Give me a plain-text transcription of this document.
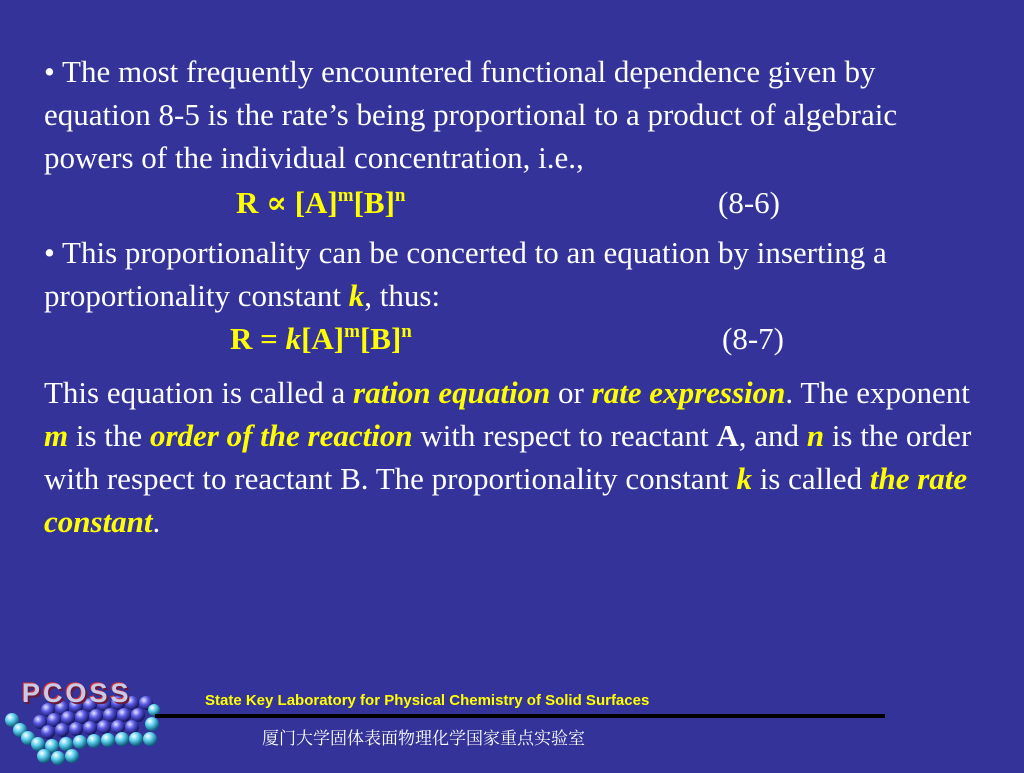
• The most frequently encountered functional dependence given by equation 8-5 is the rate’s being proportional to a product of algebraic powers of the individual concentration, i.e.,

$R \propto [A]^m[B]^n$	(8-6)

• This proportionality can be concerted to an equation by inserting a proportionality constant k, thus:

$R = k[A]^m[B]^n$	(8-7)

This equation is called a ration equation or rate expression. The exponent m is the order of the reaction with respect to reactant A, and n is the order with respect to reactant B. The proportionality constant k is called the rate constant.

PCOSS	State Key Laboratory for Physical Chemistry of Solid Surfaces
厦门大学固体表面物理化学国家重点实验室
